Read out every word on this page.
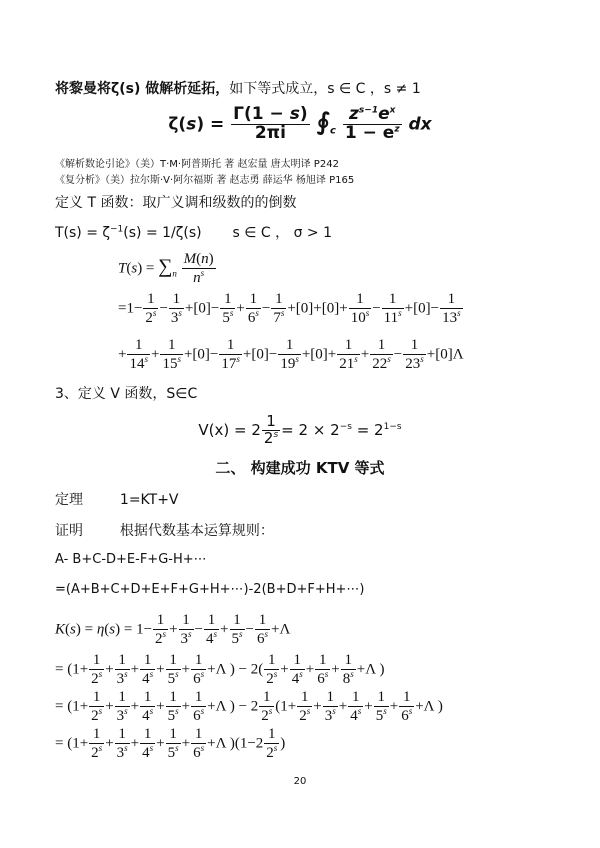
将黎曼将ζ(s) 做解析延拓，如下等式成立，s ∈ C ，s ≠ 1
$\zeta(s) = \frac{\Gamma(1 - s)}{2\pi i}$ $∮_c \frac{z^{s-1}e^x}{1 - e^z}$ dx
《解析数论引论》（美）T·M·阿普斯托 著 赵宏量 唐太明译 P242
《复分析》（美）拉尔斯·V·阿尔福斯 著 赵志勇 薛运华 杨旭译 P165
定义 T 函数：取广义调和级数的的倒数
$T(s) = \zeta^{-1}(s) = 1/\zeta(s)$ s ∈ C ， σ > 1
$T(s) = \sum_n \frac{M(n)}{n^s}$
$=1- \frac{1}{2^s} - \frac{1}{3^s} +[0]- \frac{1}{5^s} + \frac{1}{6^s} - \frac{1}{7^s} +[0]+[0]+ \frac{1}{10^s} - \frac{1}{11^s} +[0]- \frac{1}{13^s}$
+ $\frac{1}{14^s} + \frac{1}{15^s} +[0]- \frac{1}{17^s} +[0]- \frac{1}{19^s} +[0]+ \frac{1}{21^s} + \frac{1}{22^s} - \frac{1}{23^s} +[0]\Lambda$
3、定义 V 函数，S∈C
$V(x) = 2 \frac{1}{2^s} = 2 \times 2^{-s} = 2^{1-s}$
二、 构建成功 KTV 等式
定理	1=KT+V
证明	根据代数基本运算规则：
A- B+C-D+E-F+G-H+⋯
=(A+B+C+D+E+F+G+H+⋯)-2(B+D+F+H+⋯)
$K(s) = \eta(s) = 1- \frac{1}{2^s} + \frac{1}{3^s} - \frac{1}{4^s} + \frac{1}{5^s} - \frac{1}{6^s} +\Lambda$
= ($1+ \frac{1}{2^s} + \frac{1}{3^s} + \frac{1}{4^s} + \frac{1}{5^s} + \frac{1}{6^s} +\Lambda$ ) − $2( \frac{1}{2^s} + \frac{1}{4^s} + \frac{1}{6^s} + \frac{1}{8^s} +\Lambda$ )
= ($1+ \frac{1}{2^s} + \frac{1}{3^s} + \frac{1}{4^s} + \frac{1}{5^s} + \frac{1}{6^s} +\Lambda$ ) − $2 \frac{1}{2^s} (1+ \frac{1}{2^s} + \frac{1}{3^s} + \frac{1}{4^s} + \frac{1}{5^s} + \frac{1}{6^s} +\Lambda$ )
= ($1+ \frac{1}{2^s} + \frac{1}{3^s} + \frac{1}{4^s} + \frac{1}{5^s} + \frac{1}{6^s} +\Lambda$ )($1-2 \frac{1}{2^s}$ )
20
